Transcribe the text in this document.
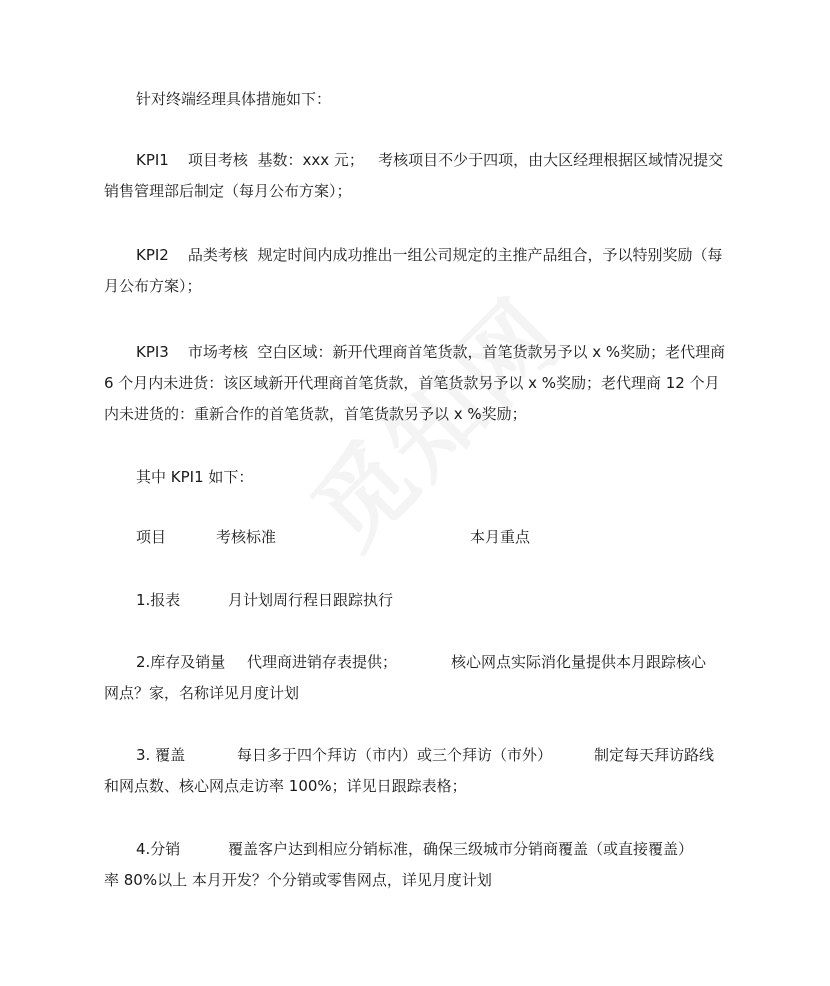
针对终端经理具体措施如下：

KPI1    项目考核  基数：xxx 元；   考核项目不少于四项，由大区经理根据区域情况提交销售管理部后制定（每月公布方案）；

KPI2    品类考核  规定时间内成功推出一组公司规定的主推产品组合，予以特别奖励（每月公布方案）；

KPI3    市场考核  空白区域：新开代理商首笔货款，首笔货款另予以 x %奖励；老代理商 6 个月内未进货：该区域新开代理商首笔货款，首笔货款另予以 x %奖励；老代理商 12 个月内未进货的：重新合作的首笔货款，首笔货款另予以 x %奖励；

其中 KPI1 如下：

项目	考核标准	本月重点
1.报表	月计划周行程日跟踪执行
2.库存及销量 代理商进销存表提供；	核心网点实际消化量提供本月跟踪核心
网点？家，名称详见月度计划
3. 覆盖	每日多于四个拜访（市内）或三个拜访（市外）	制定每天拜访路线
和网点数、核心网点走访率 100%；详见日跟踪表格；
4.分销	覆盖客户达到相应分销标准，确保三级城市分销商覆盖（或直接覆盖）
率 80%以上 本月开发？个分销或零售网点，详见月度计划
